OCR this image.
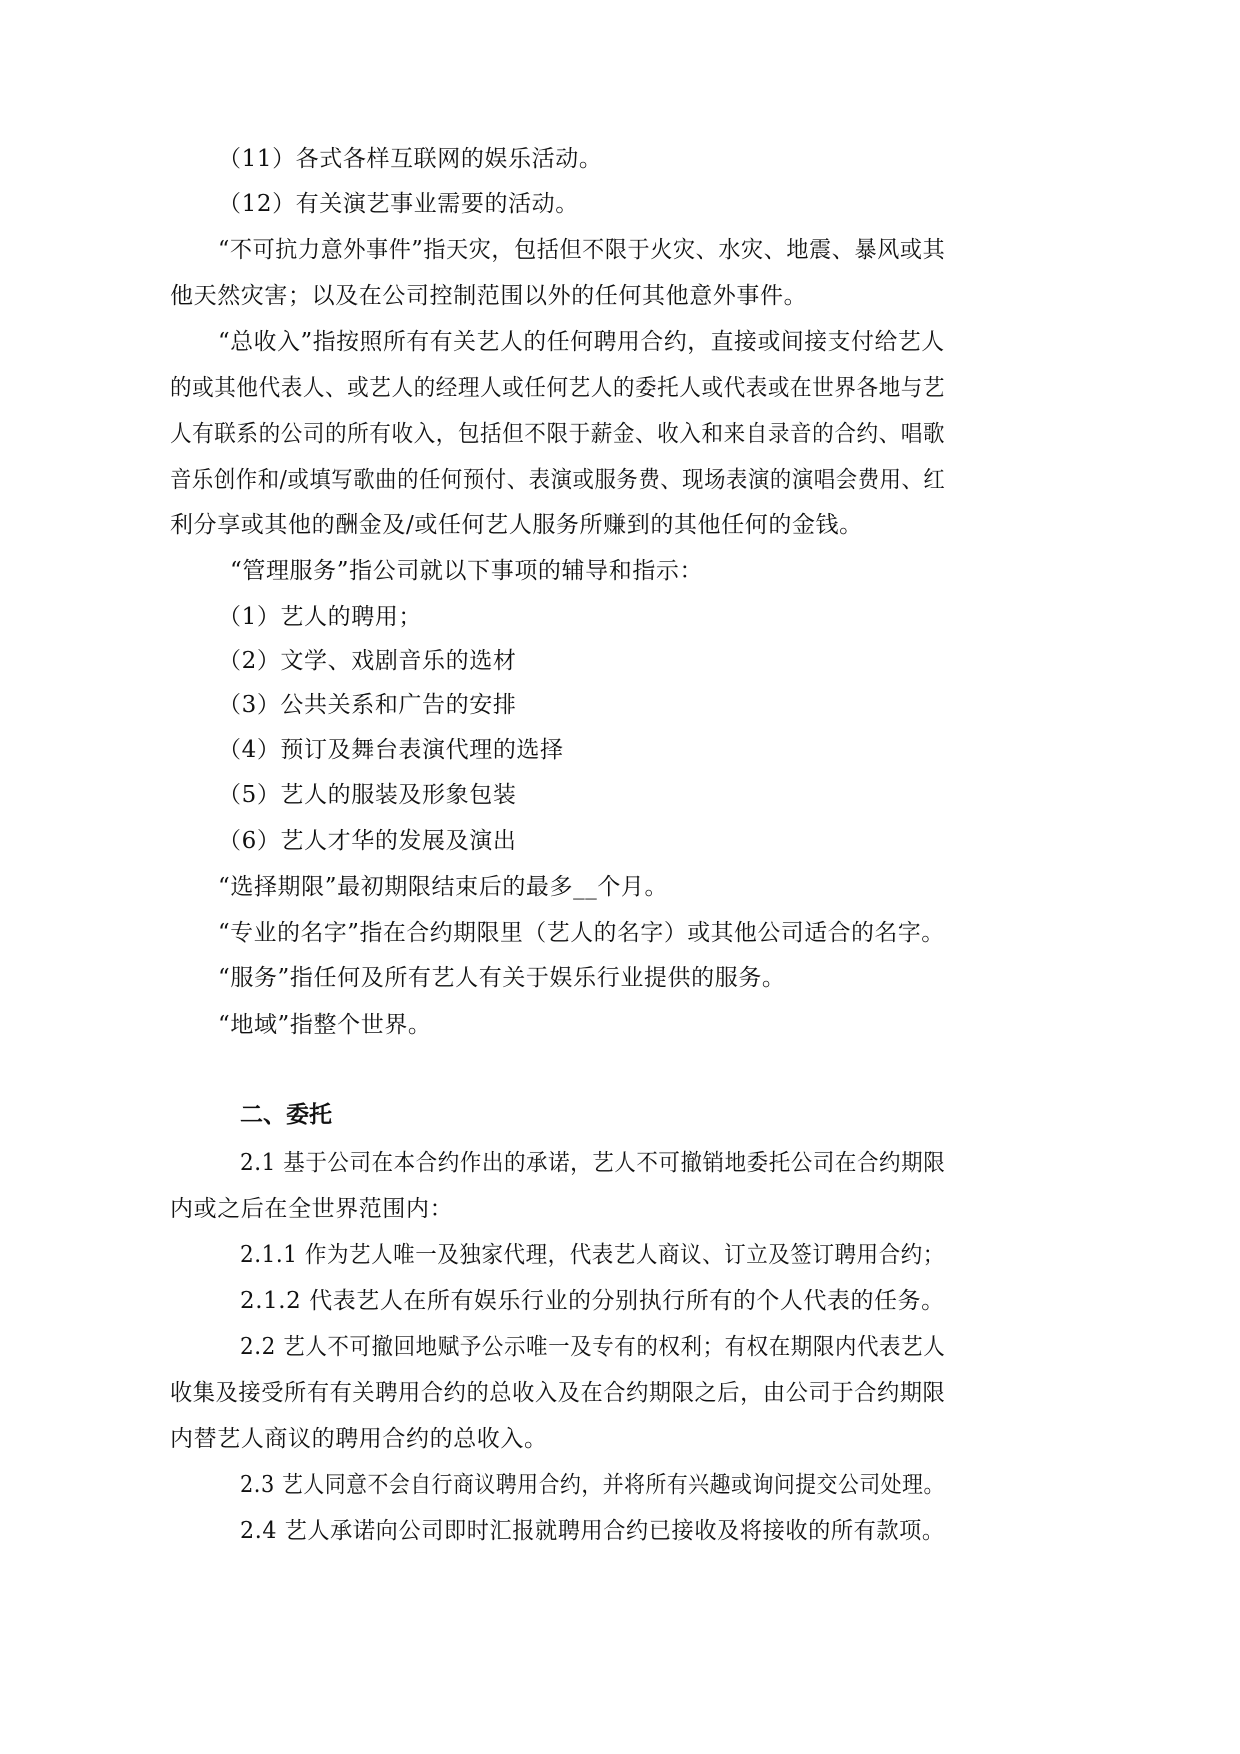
（11）各式各样互联网的娱乐活动。
（12）有关演艺事业需要的活动。
“不可抗力意外事件”指天灾，包括但不限于火灾、水灾、地震、暴风或其
他天然灾害；以及在公司控制范围以外的任何其他意外事件。
“总收入”指按照所有有关艺人的任何聘用合约，直接或间接支付给艺人
的或其他代表人、或艺人的经理人或任何艺人的委托人或代表或在世界各地与艺
人有联系的公司的所有收入，包括但不限于薪金、收入和来自录音的合约、唱歌
音乐创作和/或填写歌曲的任何预付、表演或服务费、现场表演的演唱会费用、红
利分享或其他的酬金及/或任何艺人服务所赚到的其他任何的金钱。
“管理服务”指公司就以下事项的辅导和指示：
（1）艺人的聘用；
（2）文学、戏剧音乐的选材
（3）公共关系和广告的安排
（4）预订及舞台表演代理的选择
（5）艺人的服装及形象包装
（6）艺人才华的发展及演出
“选择期限”最初期限结束后的最多__个月。
“专业的名字”指在合约期限里（艺人的名字）或其他公司适合的名字。
“服务”指任何及所有艺人有关于娱乐行业提供的服务。
“地域”指整个世界。
二、委托
2.1 基于公司在本合约作出的承诺，艺人不可撤销地委托公司在合约期限
内或之后在全世界范围内：
2.1.1 作为艺人唯一及独家代理，代表艺人商议、订立及签订聘用合约；
2.1.2 代表艺人在所有娱乐行业的分别执行所有的个人代表的任务。
2.2 艺人不可撤回地赋予公示唯一及专有的权利；有权在期限内代表艺人
收集及接受所有有关聘用合约的总收入及在合约期限之后，由公司于合约期限
内替艺人商议的聘用合约的总收入。
2.3 艺人同意不会自行商议聘用合约，并将所有兴趣或询问提交公司处理。
2.4 艺人承诺向公司即时汇报就聘用合约已接收及将接收的所有款项。
